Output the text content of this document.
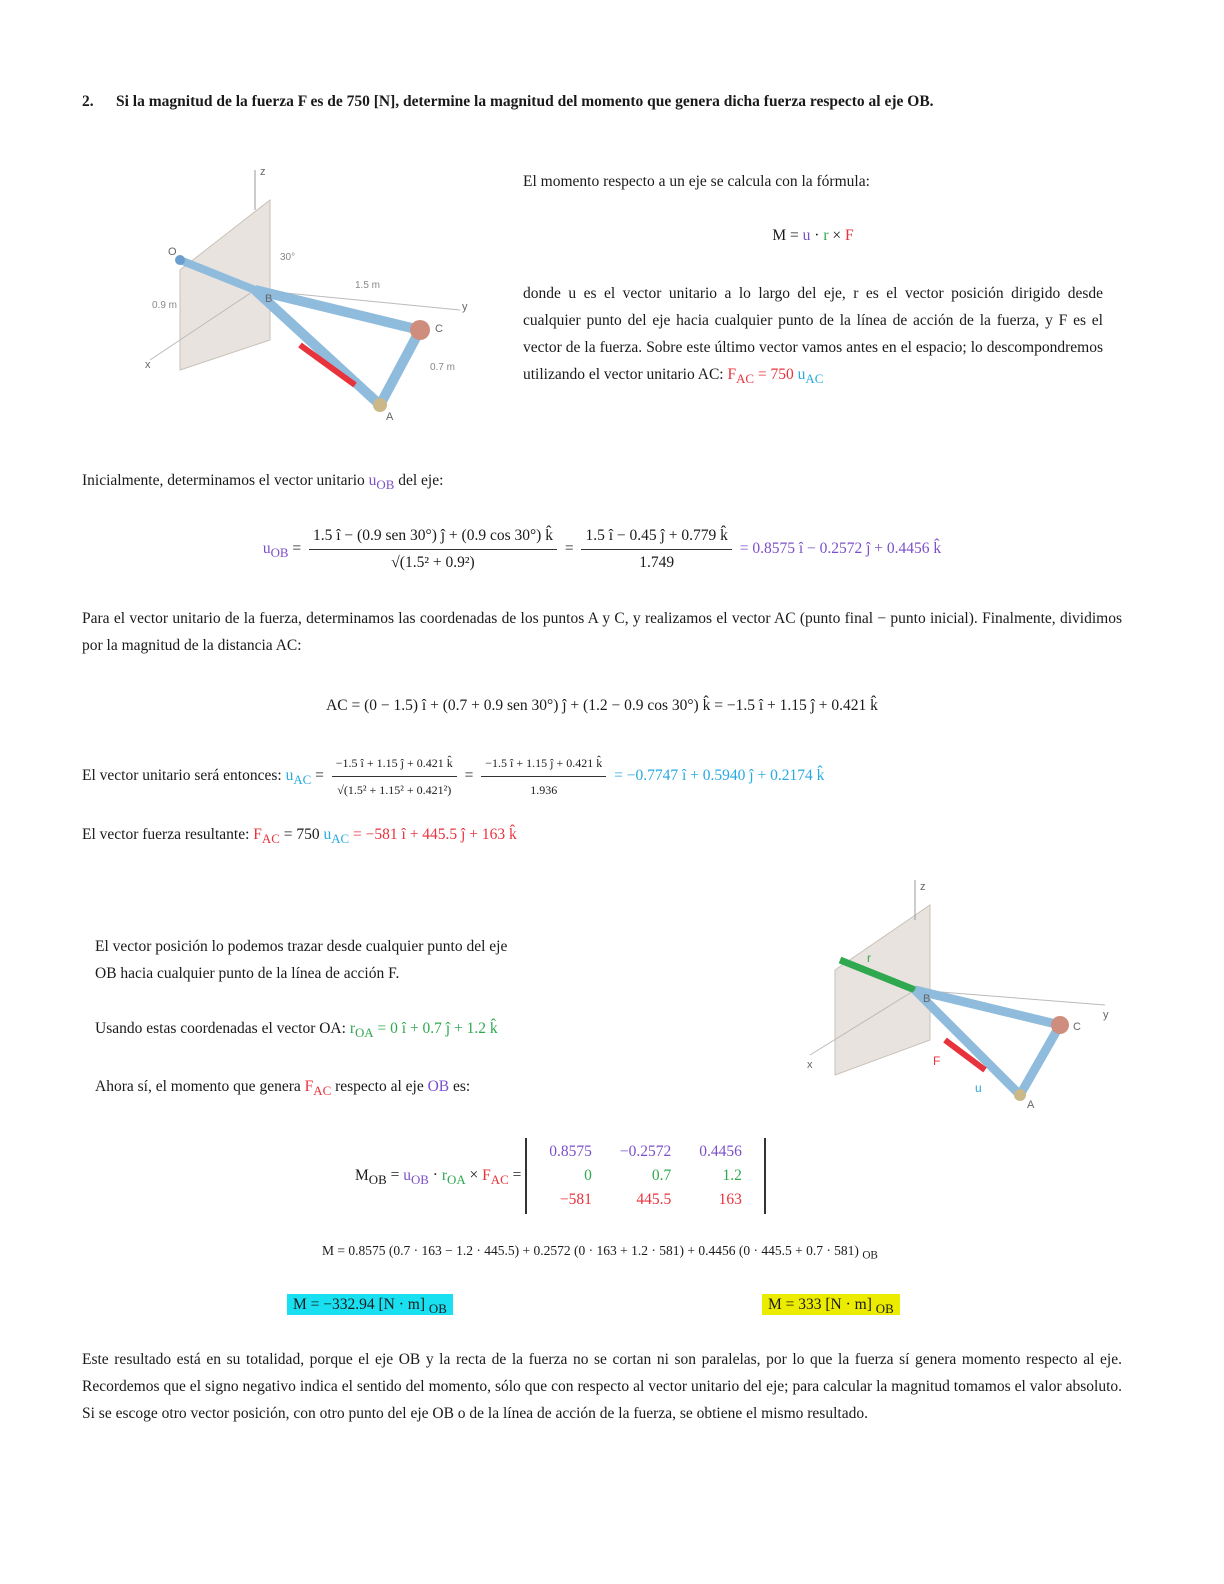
2. Si la magnitud de la fuerza F es de 750 [N], determine la magnitud del momento que genera dicha fuerza respecto al eje OB.
z
x
y
C
A
O
B
1.5 m
0.9 m
0.7 m
30°
El momento respecto a un eje se calcula con la fórmula:
M = u · r × F
donde u es el vector unitario a lo largo del eje, r es el vector posición dirigido desde cualquier punto del eje hacia cualquier punto de la línea de acción de la fuerza, y F es el vector de la fuerza. Sobre este último vector vamos antes en el espacio; lo descompondremos utilizando el vector unitario AC: $F_{AC} = 750$ $u_{AC}$
Inicialmente, determinamos el vector unitario $u_{OB}$ del eje:
$u_{OB} = \frac{\text{1.5 î − (0.9 sen 30°) ĵ + (0.9 cos 30°) k̂}}{\text{√(1.5² + 0.9²)}} = \frac{1.5 î - 0.45 ĵ + 0.779 k̂}{1.749} = 0.8575$ î − 0.2572 ĵ + 0.4456 k̂
Para el vector unitario de la fuerza, determinamos las coordenadas de los puntos A y C, y realizamos el vector AC (punto final − punto inicial). Finalmente, dividimos por la magnitud de la distancia AC:
AC = (0 − 1.5) î + (0.7 + 0.9 sen 30°) ĵ + (1.2 − 0.9 cos 30°) k̂ = −1.5 î + 1.15 ĵ + 0.421 k̂
El vector unitario será entonces: $u_{AC} = \frac{-1.5 î + 1.15 ĵ + 0.421 k̂}{\text{√(1.5² + 1.15² + 0.421²)}} = \frac{-1.5 î + 1.15 ĵ + 0.421 k̂}{1.936} = -0.7747$ î + 0.5940 ĵ + 0.2174 k̂
El vector fuerza resultante: $F_{AC} = 750$ $u_{AC} = -581$ î + 445.5 ĵ + 163 k̂
El vector posición lo podemos trazar desde cualquier punto del eje
OB hacia cualquier punto de la línea de acción F.
Usando estas coordenadas el vector OA: $r_{OA} = 0$ î + 0.7 ĵ + 1.2 k̂
Ahora sí, el momento que genera $F_{AC}$ respecto al eje OB es:
z
x
y
C
A
B
r
F
u
$M_{OB} = u_{OB} \cdot r_{OA} \times F_{AC}$ =
0.8575	−0.2572	0.4456
0	0.7	1.2
−581	445.5	163
M = 0.8575 (0.7 · 163 − 1.2 · 445.5) + 0.2572 (0 · 163 + 1.2 · 581) + 0.4456 (0 · 445.5 + 0.7 · 581) $_{OB}$
M = −332.94 [N · m] $_{OB}$	M = 333 [N · m] $_{OB}$
Este resultado está en su totalidad, porque el eje OB y la recta de la fuerza no se cortan ni son paralelas, por lo que la fuerza sí genera momento respecto al eje. Recordemos que el signo negativo indica el sentido del momento, sólo que con respecto al vector unitario del eje; para calcular la magnitud tomamos el valor absoluto. Si se escoge otro vector posición, con otro punto del eje OB o de la línea de acción de la fuerza, se obtiene el mismo resultado.
